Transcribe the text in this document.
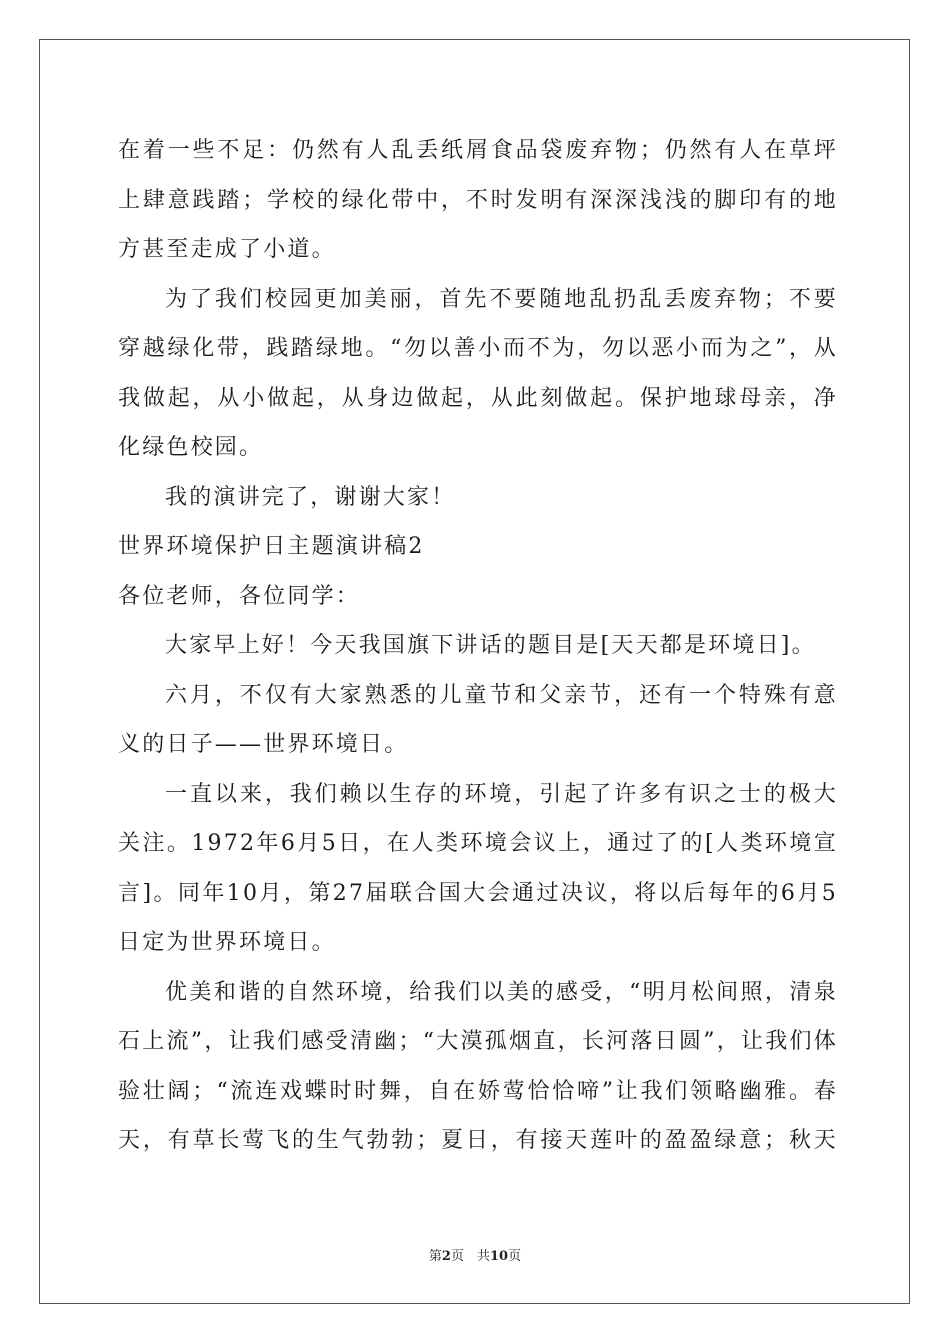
在着一些不足：仍然有人乱丢纸屑食品袋废弃物；仍然有人在草坪上肆意践踏；学校的绿化带中，不时发明有深深浅浅的脚印有的地方甚至走成了小道。

为了我们校园更加美丽，首先不要随地乱扔乱丢废弃物；不要穿越绿化带，践踏绿地。“勿以善小而不为，勿以恶小而为之”，从我做起，从小做起，从身边做起，从此刻做起。保护地球母亲，净化绿色校园。

我的演讲完了，谢谢大家！

世界环境保护日主题演讲稿2

各位老师，各位同学：

大家早上好！今天我国旗下讲话的题目是[天天都是环境日]。

六月，不仅有大家熟悉的儿童节和父亲节，还有一个特殊有意义的日子——世界环境日。

一直以来，我们赖以生存的环境，引起了许多有识之士的极大关注。1972年6月5日，在人类环境会议上，通过了的[人类环境宣言]。同年10月，第27届联合国大会通过决议，将以后每年的6月5日定为世界环境日。

优美和谐的自然环境，给我们以美的感受，“明月松间照，清泉石上流”，让我们感受清幽；“大漠孤烟直，长河落日圆”，让我们体验壮阔；“流连戏蝶时时舞，自在娇莺恰恰啼”让我们领略幽雅。春天，有草长莺飞的生气勃勃；夏日，有接天莲叶的盈盈绿意；秋天

第2页　共10页
